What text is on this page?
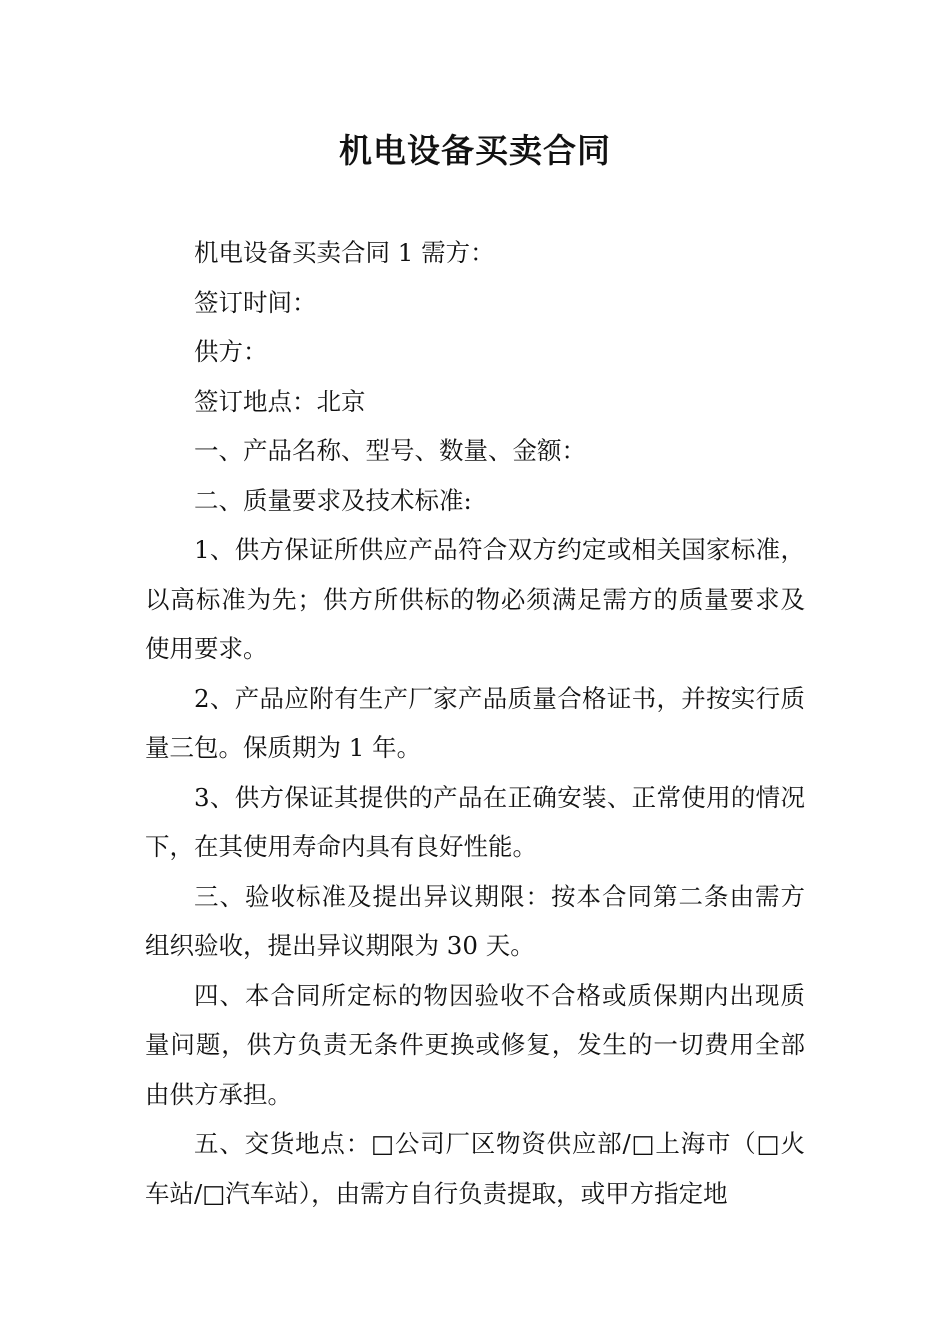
机电设备买卖合同

机电设备买卖合同 1 需方：

签订时间：

供方：

签订地点：北京

一、产品名称、型号、数量、金额：

二、质量要求及技术标准:

1、供方保证所供应产品符合双方约定或相关国家标准，以高标准为先；供方所供标的物必须满足需方的质量要求及使用要求。

2、产品应附有生产厂家产品质量合格证书，并按实行质量三包。保质期为 1 年。

3、供方保证其提供的产品在正确安装、正常使用的情况下，在其使用寿命内具有良好性能。

三、验收标准及提出异议期限：按本合同第二条由需方组织验收，提出异议期限为 30 天。

四、本合同所定标的物因验收不合格或质保期内出现质量问题，供方负责无条件更换或修复，发生的一切费用全部由供方承担。

五、交货地点：□公司厂区物资供应部/□上海市（□火车站/□汽车站），由需方自行负责提取，或甲方指定地
